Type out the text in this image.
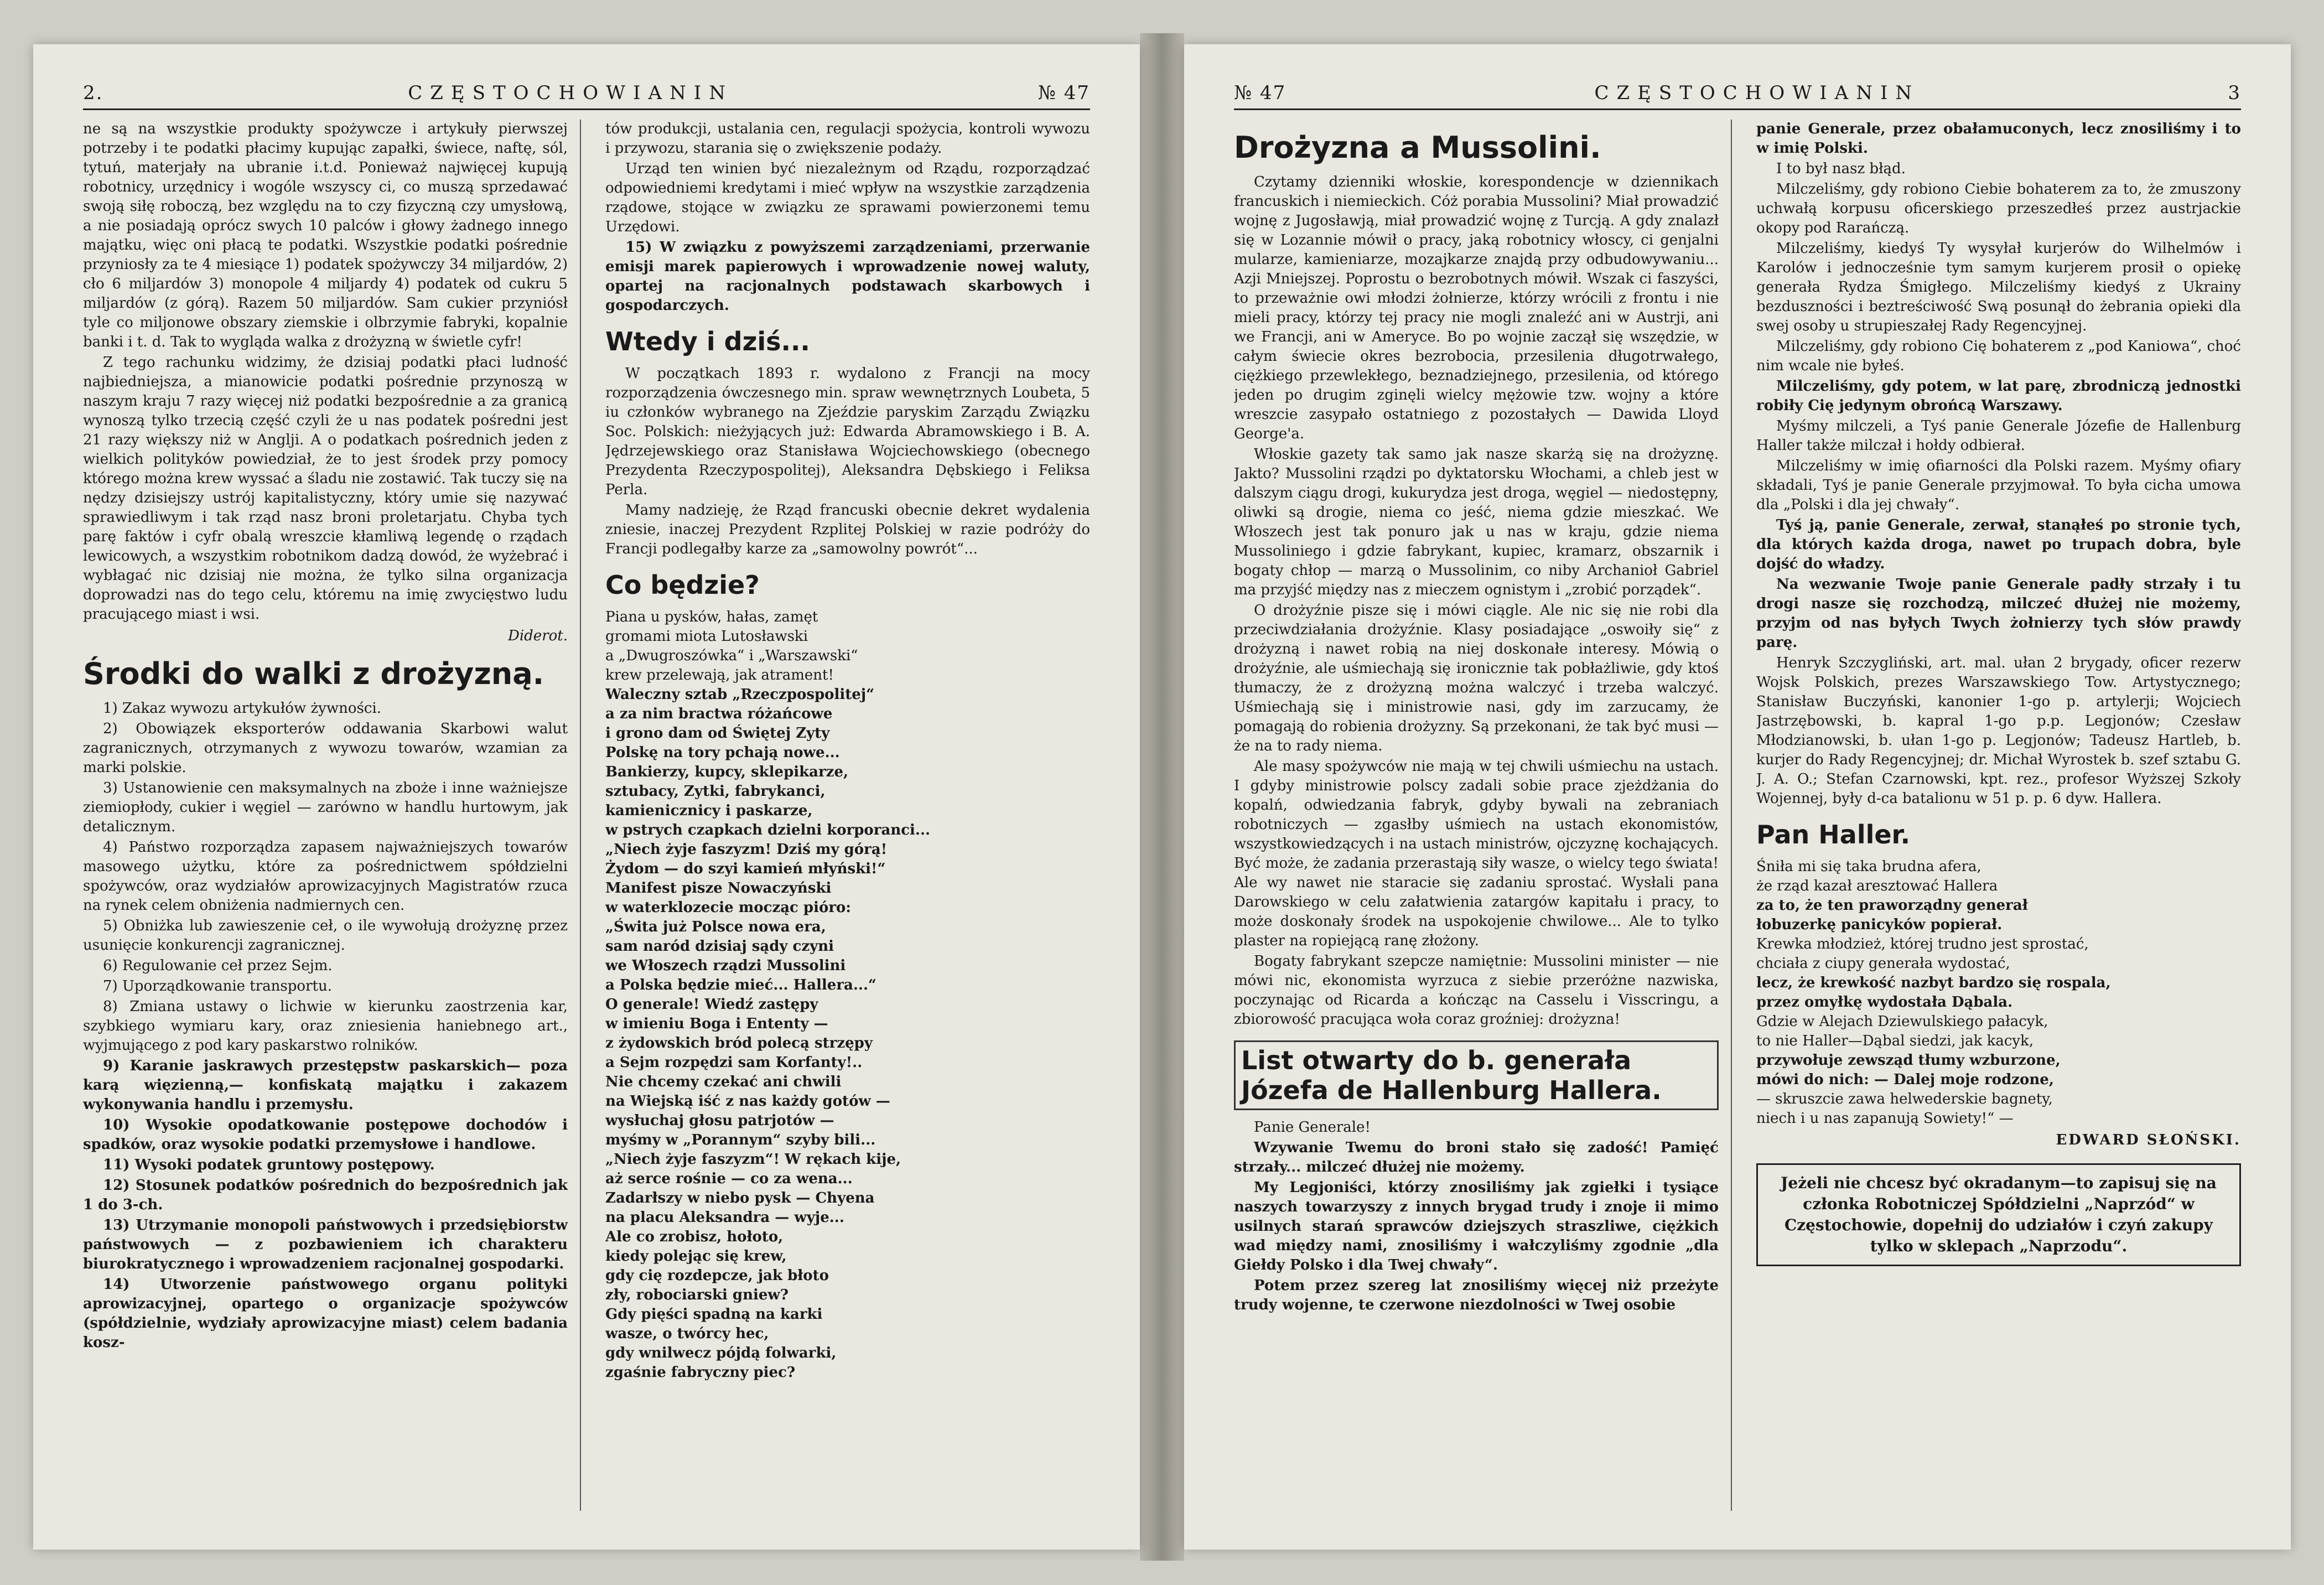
2.	CZĘSTOCHOWIANIN	№ 47

ne są na wszystkie produkty spożywcze i artykuły pierwszej potrzeby i te podatki płacimy kupując zapałki, świece, naftę, sól, tytuń, materjały na ubranie i.t.d. Ponieważ najwięcej kupują robotnicy, urzędnicy i wogóle wszyscy ci, co muszą sprzedawać swoją siłę roboczą, bez względu na to czy fizyczną czy umysłową, a nie posiadają oprócz swych 10 palców i głowy żadnego innego majątku, więc oni płacą te podatki. Wszystkie podatki pośrednie przyniosły za te 4 miesiące 1) podatek spożywczy 34 miljardów, 2) cło 6 miljardów 3) monopole 4 miljardy 4) podatek od cukru 5 miljardów (z górą). Razem 50 miljardów. Sam cukier przyniósł tyle co miljonowe obszary ziemskie i olbrzymie fabryki, kopalnie banki i t. d. Tak to wygląda walka z drożyzną w świetle cyfr!

Z tego rachunku widzimy, że dzisiaj podatki płaci ludność najbiedniejsza, a mianowicie podatki pośrednie przynoszą w naszym kraju 7 razy więcej niż podatki bezpośrednie a za granicą wynoszą tylko trzecią część czyli że u nas podatek pośredni jest 21 razy większy niż w Anglji. A o podatkach pośrednich jeden z wielkich polityków powiedział, że to jest środek przy pomocy którego można krew wyssać a śladu nie zostawić. Tak tuczy się na nędzy dzisiejszy ustrój kapitalistyczny, który umie się nazywać sprawiedliwym i tak rząd nasz broni proletarjatu. Chyba tych parę faktów i cyfr obalą wreszcie kłamliwą legendę o rządach lewicowych, a wszystkim robotnikom dadzą dowód, że wyżebrać i wybłagać nic dzisiaj nie można, że tylko silna organizacja doprowadzi nas do tego celu, któremu na imię zwycięstwo ludu pracującego miast i wsi.

Diderot.

Środki do walki z drożyzną.

1) Zakaz wywozu artykułów żywności.

2) Obowiązek eksporterów oddawania Skarbowi walut zagranicznych, otrzymanych z wywozu towarów, wzamian za marki polskie.

3) Ustanowienie cen maksymalnych na zboże i inne ważniejsze ziemiopłody, cukier i węgiel — zarówno w handlu hurtowym, jak detalicznym.

4) Państwo rozporządza zapasem najważniejszych towarów masowego użytku, które za pośrednictwem spółdzielni spożywców, oraz wydziałów aprowizacyjnych Magistratów rzuca na rynek celem obniżenia nadmiernych cen.

5) Obniżka lub zawieszenie ceł, o ile wywołują drożyznę przez usunięcie konkurencji zagranicznej.

6) Regulowanie ceł przez Sejm.

7) Uporządkowanie transportu.

8) Zmiana ustawy o lichwie w kierunku zaostrzenia kar, szybkiego wymiaru kary, oraz zniesienia haniebnego art., wyjmującego z pod kary paskarstwo rolników.

9) Karanie jaskrawych przestępstw paskarskich— poza karą więzienną,— konfiskatą majątku i zakazem wykonywania handlu i przemysłu.

10) Wysokie opodatkowanie postępowe dochodów i spadków, oraz wysokie podatki przemysłowe i handlowe.

11) Wysoki podatek gruntowy postępowy.

12) Stosunek podatków pośrednich do bezpośrednich jak 1 do 3-ch.

13) Utrzymanie monopoli państwowych i przedsiębiorstw państwowych — z pozbawieniem ich charakteru biurokratycznego i wprowadzeniem racjonalnej gospodarki.

14) Utworzenie państwowego organu polityki aprowizacyjnej, opartego o organizacje spożywców (spółdzielnie, wydziały aprowizacyjne miast) celem badania kosz-

tów produkcji, ustalania cen, regulacji spożycia, kontroli wywozu i przywozu, starania się o zwiększenie podaży.

Urząd ten winien być niezależnym od Rządu, rozporządzać odpowiedniemi kredytami i mieć wpływ na wszystkie zarządzenia rządowe, stojące w związku ze sprawami powierzonemi temu Urzędowi.

15) W związku z powyższemi zarządzeniami, przerwanie emisji marek papierowych i wprowadzenie nowej waluty, opartej na racjonalnych podstawach skarbowych i gospodarczych.

Wtedy i dziś...

W początkach 1893 r. wydalono z Francji na mocy rozporządzenia ówczesnego min. spraw wewnętrznych Loubeta, 5 iu członków wybranego na Zjeździe paryskim Zarządu Związku Soc. Polskich: nieżyjących już: Edwarda Abramowskiego i B. A. Jędrzejewskiego oraz Stanisława Wojciechowskiego (obecnego Prezydenta Rzeczypospolitej), Aleksandra Dębskiego i Feliksa Perla.

Mamy nadzieję, że Rząd francuski obecnie dekret wydalenia zniesie, inaczej Prezydent Rzplitej Polskiej w razie podróży do Francji podlegałby karze za „samowolny powrót“...

Co będzie?

Piana u pysków, hałas, zamęt

gromami miota Lutosławski

a „Dwugroszówka“ i „Warszawski“

krew przelewają, jak atrament!

Waleczny sztab „Rzeczpospolitej“

a za nim bractwa różańcowe

i grono dam od Świętej Zyty

Polskę na tory pchają nowe...

Bankierzy, kupcy, sklepikarze,

sztubacy, Zytki, fabrykanci,

kamienicznicy i paskarze,

w pstrych czapkach dzielni korporanci...

„Niech żyje faszyzm! Dziś my górą!

Żydom — do szyi kamień młyński!“

Manifest pisze Nowaczyński

w waterklozecie mocząc pióro:

„Świta już Polsce nowa era,

sam naród dzisiaj sądy czyni

we Włoszech rządzi Mussolini

a Polska będzie mieć... Hallera...“

O generale! Wiedź zastępy

w imieniu Boga i Ententy —

z żydowskich bród polecą strzępy

a Sejm rozpędzi sam Korfanty!..

Nie chcemy czekać ani chwili

na Wiejską iść z nas każdy gotów —

wysłuchaj głosu patrjotów —

myśmy w „Porannym“ szyby bili...

„Niech żyje faszyzm“! W rękach kije,

aż serce rośnie — co za wena...

Zadarłszy w niebo pysk — Chyena

na placu Aleksandra — wyje...

Ale co zrobisz, hołoto,

kiedy polejąc się krew,

gdy cię rozdepcze, jak błoto

zły, robociarski gniew?

Gdy pięści spadną na karki

wasze, o twórcy hec,

gdy wnilwecz pójdą folwarki,

zgaśnie fabryczny piec?

№ 47	CZĘSTOCHOWIANIN	3
Drożyzna a Mussolini.

Czytamy dzienniki włoskie, korespondencje w dziennikach francuskich i niemieckich. Cóż porabia Mussolini? Miał prowadzić wojnę z Jugosławją, miał prowadzić wojnę z Turcją. A gdy znalazł się w Lozannie mówił o pracy, jaką robotnicy włoscy, ci genjalni mularze, kamieniarze, mozajkarze znajdą przy odbudowywaniu... Azji Mniejszej. Poprostu o bezrobotnych mówił. Wszak ci faszyści, to przeważnie owi młodzi żołnierze, którzy wrócili z frontu i nie mieli pracy, którzy tej pracy nie mogli znaleźć ani w Austrji, ani we Francji, ani w Ameryce. Bo po wojnie zaczął się wszędzie, w całym świecie okres bezrobocia, przesilenia długotrwałego, ciężkiego przewlekłego, beznadziejnego, przesilenia, od którego jeden po drugim zginęli wielcy mężowie tzw. wojny a które wreszcie zasypało ostatniego z pozostałych — Dawida Lloyd George'a.

Włoskie gazety tak samo jak nasze skarżą się na drożyznę. Jakto? Mussolini rządzi po dyktatorsku Włochami, a chleb jest w dalszym ciągu drogi, kukurydza jest droga, węgiel — niedostępny, oliwki są drogie, niema co jeść, niema gdzie mieszkać. We Włoszech jest tak ponuro jak u nas w kraju, gdzie niema Mussoliniego i gdzie fabrykant, kupiec, kramarz, obszarnik i bogaty chłop — marzą o Mussolinim, co niby Archanioł Gabriel ma przyjść między nas z mieczem ognistym i „zrobić porządek“.

O drożyźnie pisze się i mówi ciągle. Ale nic się nie robi dla przeciwdziałania drożyźnie. Klasy posiadające „oswoiły się“ z drożyzną i nawet robią na niej doskonałe interesy. Mówią o drożyźnie, ale uśmiechają się ironicznie tak pobłażliwie, gdy ktoś tłumaczy, że z drożyzną można walczyć i trzeba walczyć. Uśmiechają się i ministrowie nasi, gdy im zarzucamy, że pomagają do robienia drożyzny. Są przekonani, że tak być musi — że na to rady niema.

Ale masy spożywców nie mają w tej chwili uśmiechu na ustach. I gdyby ministrowie polscy zadali sobie prace zjeżdżania do kopalń, odwiedzania fabryk, gdyby bywali na zebraniach robotniczych — zgasłby uśmiech na ustach ekonomistów, wszystkowiedzących i na ustach ministrów, ojczyznę kochających. Być może, że zadania przerastają siły wasze, o wielcy tego świata! Ale wy nawet nie staracie się zadaniu sprostać. Wysłali pana Darowskiego w celu załatwienia zatargów kapitału i pracy, to może doskonały środek na uspokojenie chwilowe... Ale to tylko plaster na ropiejącą ranę złożony.

Bogaty fabrykant szepcze namiętnie: Mussolini minister — nie mówi nic, ekonomista wyrzuca z siebie przeróżne nazwiska, poczynając od Ricarda a kończąc na Casselu i Visscringu, a zbiorowość pracująca woła coraz groźniej: drożyzna!

List otwarty do b. generała Józefa de Hallenburg Hallera.

Panie Generale!

Wzywanie Twemu do broni stało się zadość! Pamięć strzały... milczeć dłużej nie możemy.

My Legjoniści, którzy znosiliśmy jak zgiełki i tysiące naszych towarzyszy z innych brygad trudy i znoje ii mimo usilnych starań sprawców dziejszych straszliwe, ciężkich wad między nami, znosiliśmy i wałczyliśmy zgodnie „dla Giełdy Polsko i dla Twej chwały“.

Potem przez szereg lat znosiliśmy więcej niż przeżyte trudy wojenne, te czerwone niezdolności w Twej osobie

panie Generale, przez obałamuconych, lecz znosiliśmy i to w imię Polski.

I to był nasz błąd.

Milczeliśmy, gdy robiono Ciebie bohaterem za to, że zmuszony uchwałą korpusu oficerskiego przeszedłeś przez austrjackie okopy pod Rarańczą.

Milczeliśmy, kiedyś Ty wysyłał kurjerów do Wilhelmów i Karolów i jednocześnie tym samym kurjerem prosił o opiekę generała Rydza Śmigłego. Milczeliśmy kiedyś z Ukrainy bezduszności i beztreściwość Swą posunął do żebrania opieki dla swej osoby u strupieszałej Rady Regencyjnej.

Milczeliśmy, gdy robiono Cię bohaterem z „pod Kaniowa“, choć nim wcale nie byłeś.

Milczeliśmy, gdy potem, w lat parę, zbrodniczą jednostki robiły Cię jedynym obrońcą Warszawy.

Myśmy milczeli, a Tyś panie Generale Józefie de Hallenburg Haller także milczał i hołdy odbierał.

Milczeliśmy w imię ofiarności dla Polski razem. Myśmy ofiary składali, Tyś je panie Generale przyjmował. To była cicha umowa dla „Polski i dla jej chwały“.

Tyś ją, panie Generale, zerwał, stanąłeś po stronie tych, dla których każda droga, nawet po trupach dobra, byle dojść do władzy.

Na wezwanie Twoje panie Generale padły strzały i tu drogi nasze się rozchodzą, milczeć dłużej nie możemy, przyjm od nas byłych Twych żołnierzy tych słów prawdy parę.

Henryk Szczygliński, art. mal. ułan 2 brygady, oficer rezerw Wojsk Polskich, prezes Warszawskiego Tow. Artystycznego; Stanisław Buczyński, kanonier 1-go p. artylerji; Wojciech Jastrzębowski, b. kapral 1-go p.p. Legjonów; Czesław Młodzianowski, b. ułan 1-go p. Legjonów; Tadeusz Hartleb, b. kurjer do Rady Regencyjnej; dr. Michał Wyrostek b. szef sztabu G. J. A. O.; Stefan Czarnowski, kpt. rez., profesor Wyższej Szkoły Wojennej, były d-ca batalionu w 51 p. p. 6 dyw. Hallera.

Pan Haller.

Śniła mi się taka brudna afera,

że rząd kazał aresztować Hallera

za to, że ten praworządny generał

łobuzerkę panicyków popierał.

Krewka młodzież, której trudno jest sprostać,

chciała z ciupy generała wydostać,

lecz, że krewkość nazbyt bardzo się rospala,

przez omyłkę wydostała Dąbala.

Gdzie w Alejach Dziewulskiego pałacyk,

to nie Haller—Dąbal siedzi, jak kacyk,

przywołuje zewsząd tłumy wzburzone,

mówi do nich: — Dalej moje rodzone,

— skruszcie zawa helwederskie bagnety,

niech i u nas zapanują Sowiety!“ —

EDWARD SŁOŃSKI.

Jeżeli nie chcesz być okradanym—to zapisuj się na członka Robotniczej Spółdzielni „Naprzód“ w Częstochowie, dopełnij do udziałów i czyń zakupy tylko w sklepach „Naprzodu“.
